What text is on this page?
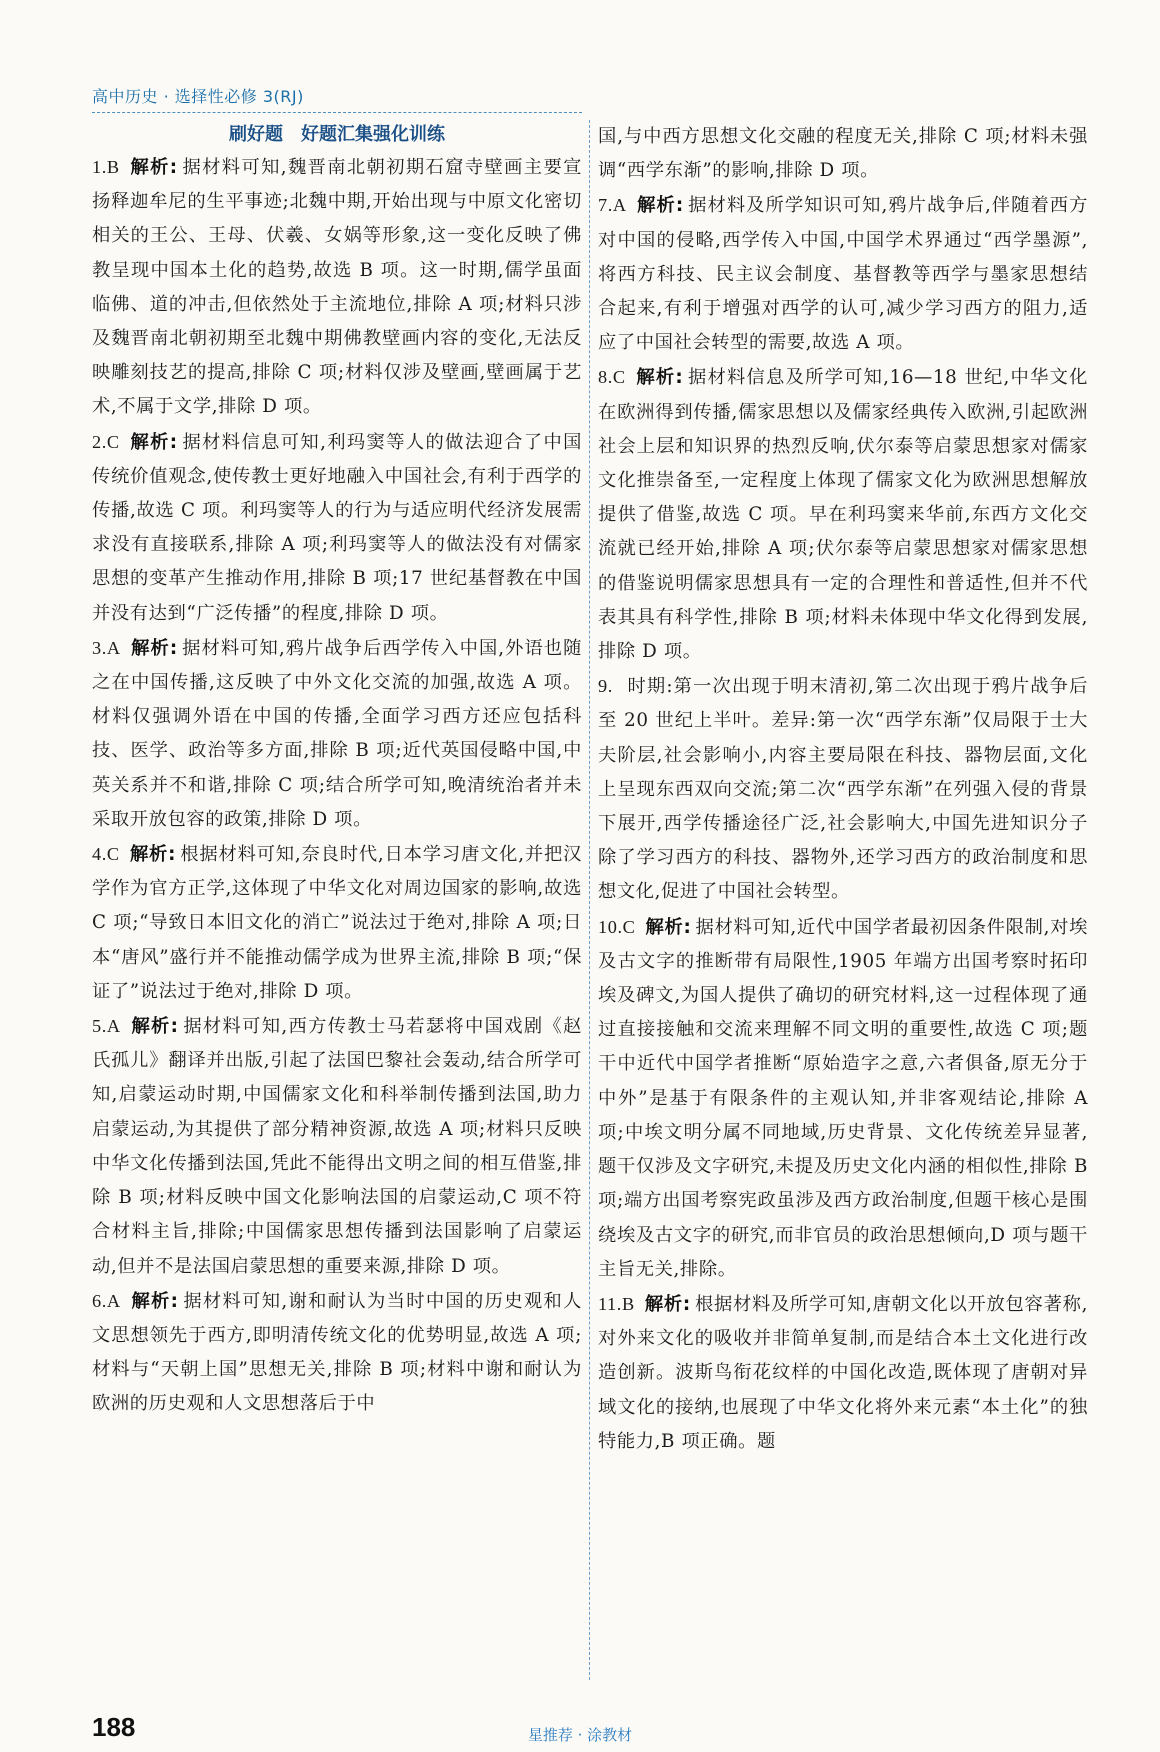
高中历史 · 选择性必修 3(RJ)
刷好题　好题汇集强化训练

1.B 解析: 据材料可知,魏晋南北朝初期石窟寺壁画主要宣扬释迦牟尼的生平事迹;北魏中期,开始出现与中原文化密切相关的王公、王母、伏羲、女娲等形象,这一变化反映了佛教呈现中国本土化的趋势,故选 B 项。这一时期,儒学虽面临佛、道的冲击,但依然处于主流地位,排除 A 项;材料只涉及魏晋南北朝初期至北魏中期佛教壁画内容的变化,无法反映雕刻技艺的提高,排除 C 项;材料仅涉及壁画,壁画属于艺术,不属于文学,排除 D 项。

2.C 解析: 据材料信息可知,利玛窦等人的做法迎合了中国传统价值观念,使传教士更好地融入中国社会,有利于西学的传播,故选 C 项。利玛窦等人的行为与适应明代经济发展需求没有直接联系,排除 A 项;利玛窦等人的做法没有对儒家思想的变革产生推动作用,排除 B 项;17 世纪基督教在中国并没有达到“广泛传播”的程度,排除 D 项。

3.A 解析: 据材料可知,鸦片战争后西学传入中国,外语也随之在中国传播,这反映了中外文化交流的加强,故选 A 项。材料仅强调外语在中国的传播,全面学习西方还应包括科技、医学、政治等多方面,排除 B 项;近代英国侵略中国,中英关系并不和谐,排除 C 项;结合所学可知,晚清统治者并未采取开放包容的政策,排除 D 项。

4.C 解析: 根据材料可知,奈良时代,日本学习唐文化,并把汉学作为官方正学,这体现了中华文化对周边国家的影响,故选 C 项;“导致日本旧文化的消亡”说法过于绝对,排除 A 项;日本“唐风”盛行并不能推动儒学成为世界主流,排除 B 项;“保证了”说法过于绝对,排除 D 项。

5.A 解析: 据材料可知,西方传教士马若瑟将中国戏剧《赵氏孤儿》翻译并出版,引起了法国巴黎社会轰动,结合所学可知,启蒙运动时期,中国儒家文化和科举制传播到法国,助力启蒙运动,为其提供了部分精神资源,故选 A 项;材料只反映中华文化传播到法国,凭此不能得出文明之间的相互借鉴,排除 B 项;材料反映中国文化影响法国的启蒙运动,C 项不符合材料主旨,排除;中国儒家思想传播到法国影响了启蒙运动,但并不是法国启蒙思想的重要来源,排除 D 项。

6.A 解析: 据材料可知,谢和耐认为当时中国的历史观和人文思想领先于西方,即明清传统文化的优势明显,故选 A 项;材料与“天朝上国”思想无关,排除 B 项;材料中谢和耐认为欧洲的历史观和人文思想落后于中

国,与中西方思想文化交融的程度无关,排除 C 项;材料未强调“西学东渐”的影响,排除 D 项。

7.A 解析: 据材料及所学知识可知,鸦片战争后,伴随着西方对中国的侵略,西学传入中国,中国学术界通过“西学墨源”,将西方科技、民主议会制度、基督教等西学与墨家思想结合起来,有利于增强对西学的认可,减少学习西方的阻力,适应了中国社会转型的需要,故选 A 项。

8.C 解析: 据材料信息及所学可知,16—18 世纪,中华文化在欧洲得到传播,儒家思想以及儒家经典传入欧洲,引起欧洲社会上层和知识界的热烈反响,伏尔泰等启蒙思想家对儒家文化推崇备至,一定程度上体现了儒家文化为欧洲思想解放提供了借鉴,故选 C 项。早在利玛窦来华前,东西方文化交流就已经开始,排除 A 项;伏尔泰等启蒙思想家对儒家思想的借鉴说明儒家思想具有一定的合理性和普适性,但并不代表其具有科学性,排除 B 项;材料未体现中华文化得到发展,排除 D 项。

9. 时期:第一次出现于明末清初,第二次出现于鸦片战争后至 20 世纪上半叶。差异:第一次“西学东渐”仅局限于士大夫阶层,社会影响小,内容主要局限在科技、器物层面,文化上呈现东西双向交流;第二次“西学东渐”在列强入侵的背景下展开,西学传播途径广泛,社会影响大,中国先进知识分子除了学习西方的科技、器物外,还学习西方的政治制度和思想文化,促进了中国社会转型。

10.C 解析: 据材料可知,近代中国学者最初因条件限制,对埃及古文字的推断带有局限性,1905 年端方出国考察时拓印埃及碑文,为国人提供了确切的研究材料,这一过程体现了通过直接接触和交流来理解不同文明的重要性,故选 C 项;题干中近代中国学者推断“原始造字之意,六者俱备,原无分于中外”是基于有限条件的主观认知,并非客观结论,排除 A 项;中埃文明分属不同地域,历史背景、文化传统差异显著,题干仅涉及文字研究,未提及历史文化内涵的相似性,排除 B 项;端方出国考察宪政虽涉及西方政治制度,但题干核心是围绕埃及古文字的研究,而非官员的政治思想倾向,D 项与题干主旨无关,排除。

11.B 解析: 根据材料及所学可知,唐朝文化以开放包容著称,对外来文化的吸收并非简单复制,而是结合本土文化进行改造创新。波斯鸟衔花纹样的中国化改造,既体现了唐朝对异域文化的接纳,也展现了中华文化将外来元素“本土化”的独特能力,B 项正确。题

188	星推荐 · 涂教材
